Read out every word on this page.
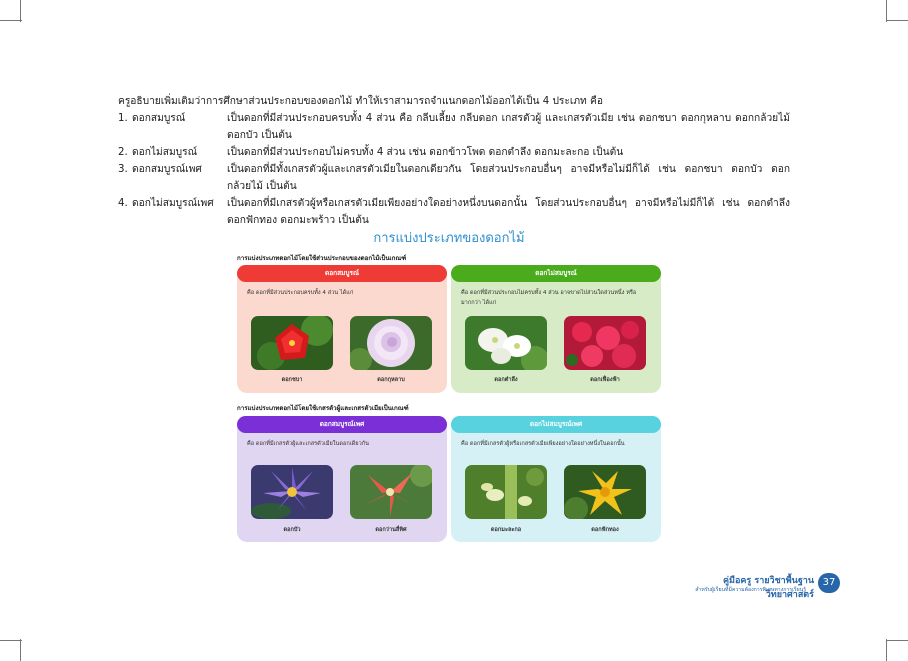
ครูอธิบายเพิ่มเติมว่าการศึกษาส่วนประกอบของดอกไม้ ทำให้เราสามารถจำแนกดอกไม้ออกได้เป็น 4 ประเภท คือ
1. ดอกสมบูรณ์	เป็นดอกที่มีส่วนประกอบครบทั้ง 4 ส่วน คือ กลีบเลี้ยง กลีบดอก เกสรตัวผู้ และเกสรตัวเมีย เช่น ดอกชบา ดอกกุหลาบ ดอกกล้วยไม้ ดอกบัว เป็นต้น
2. ดอกไม่สมบูรณ์	เป็นดอกที่มีส่วนประกอบไม่ครบทั้ง 4 ส่วน เช่น ดอกข้าวโพด ดอกตำลึง ดอกมะละกอ เป็นต้น
3. ดอกสมบูรณ์เพศ	เป็นดอกที่มีทั้งเกสรตัวผู้และเกสรตัวเมียในดอกเดียวกัน โดยส่วนประกอบอื่นๆ อาจมีหรือไม่มีก็ได้ เช่น ดอกชบา ดอกบัว ดอกกล้วยไม้ เป็นต้น
4. ดอกไม่สมบูรณ์เพศ	เป็นดอกที่มีเกสรตัวผู้หรือเกสรตัวเมียเพียงอย่างใดอย่างหนึ่งบนดอกนั้น โดยส่วนประกอบอื่นๆ อาจมีหรือไม่มีก็ได้ เช่น ดอกตำลึง ดอกฟักทอง ดอกมะพร้าว เป็นต้น
การแบ่งประเภทของดอกไม้
การแบ่งประเภทดอกไม้โดยใช้ส่วนประกอบของดอกไม้เป็นเกณฑ์
การแบ่งประเภทดอกไม้โดยใช้เกสรตัวผู้และเกสรตัวเมียเป็นเกณฑ์
ดอกสมบูรณ์
คือ ดอกที่มีส่วนประกอบครบทั้ง 4 ส่วน ได้แก่
ดอกชบา	ดอกกุหลาบ
ดอกไม่สมบูรณ์
คือ ดอกที่มีส่วนประกอบไม่ครบทั้ง 4 ส่วน อาจขาดไปส่วนใดส่วนหนึ่ง หรือมากกว่า ได้แก่
ดอกตำลึง	ดอกเฟื่องฟ้า
ดอกสมบูรณ์เพศ
คือ ดอกที่มีเกสรตัวผู้และเกสรตัวเมียในดอกเดียวกัน
ดอกบัว	ดอกว่านสี่ทิศ
ดอกไม่สมบูรณ์เพศ
คือ ดอกที่มีเกสรตัวผู้หรือเกสรตัวเมียเพียงอย่างใดอย่างหนึ่งในดอกนั้น
ดอกมะละกอ	ดอกฟักทอง
คู่มือครู รายวิชาพื้นฐานวิทยาศาสตร์
สำหรับผู้เรียนที่มีความต้องการพิเศษทางการเรียนรู้
37
